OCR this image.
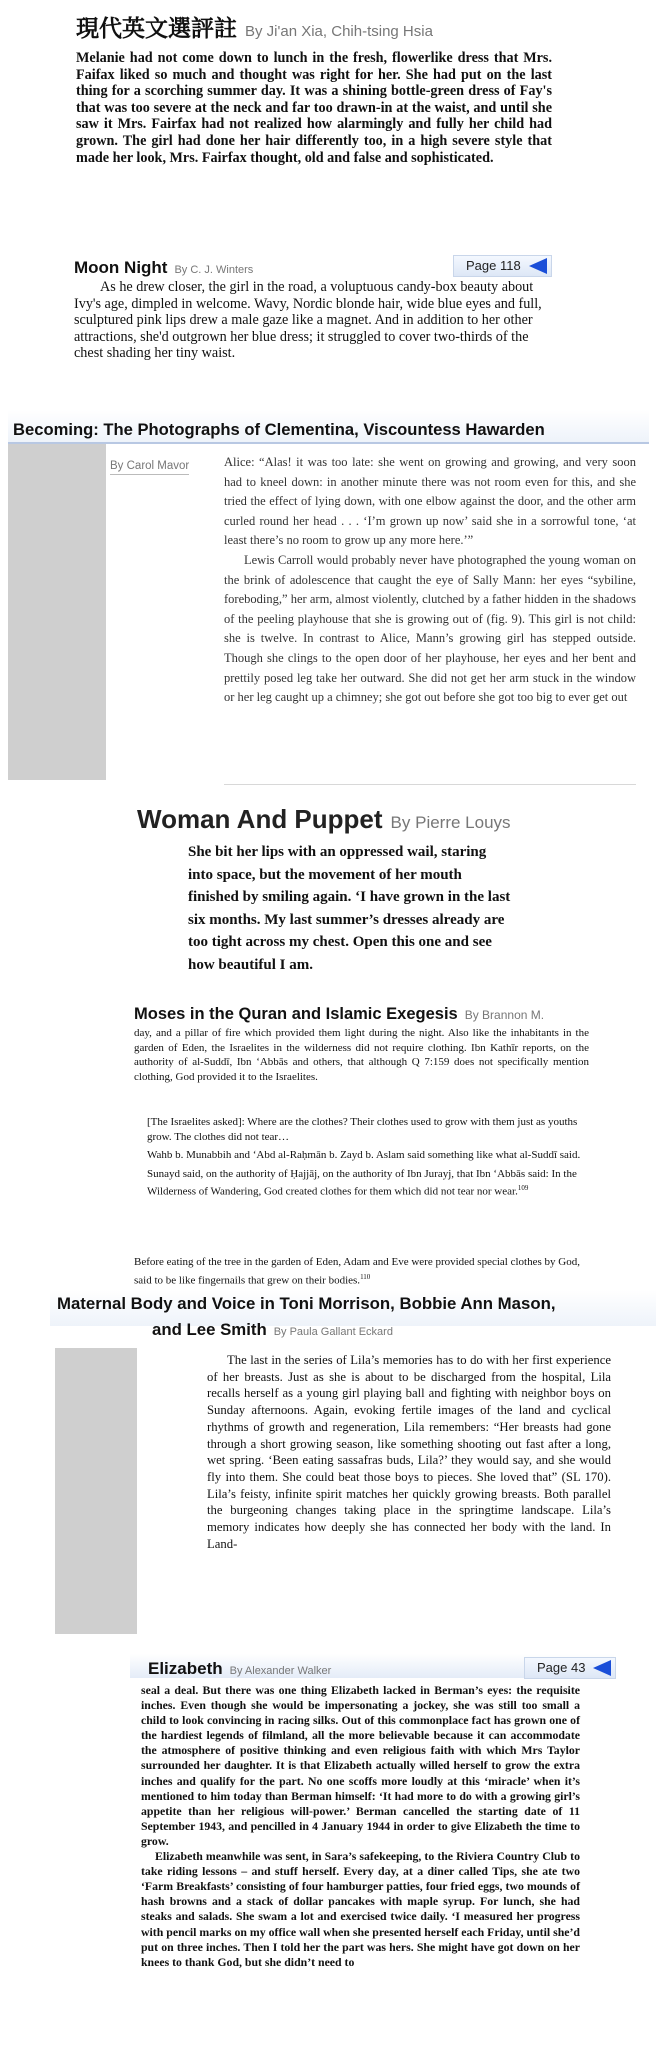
現代英文選評註 By Ji'an Xia, Chih-tsing Hsia

Melanie had not come down to lunch in the fresh, flowerlike dress that Mrs. Faifax liked so much and thought was right for her. She had put on the last thing for a scorching summer day. It was a shining bottle-green dress of Fay's that was too severe at the neck and far too drawn-in at the waist, and until she saw it Mrs. Fairfax had not realized how alarmingly and fully her child had grown. The girl had done her hair differently too, in a high severe style that made her look, Mrs. Fairfax thought, old and false and sophisticated.

Moon Night By C. J. Winters	Page 118

As he drew closer, the girl in the road, a voluptuous candy-box beauty about Ivy's age, dimpled in welcome. Wavy, Nordic blonde hair, wide blue eyes and full, sculptured pink lips drew a male gaze like a magnet. And in addition to her other attractions, she'd outgrown her blue dress; it struggled to cover two-thirds of the chest shading her tiny waist.

Becoming: The Photographs of Clementina, Viscountess Hawarden
By Carol Mavor	Alice: “Alas! it was too late: she went on growing and growing, and very soon had to kneel down: in another minute there was not room even for this, and she tried the effect of lying down, with one elbow against the door, and the other arm curled round her head . . . ‘I’m grown up now’ said she in a sorrowful tone, ‘at least there’s no room to grow up any more here.’”

Lewis Carroll would probably never have photographed the young woman on the brink of adolescence that caught the eye of Sally Mann: her eyes “sybiline, foreboding,” her arm, almost violently, clutched by a father hidden in the shadows of the peeling playhouse that she is growing out of (fig. 9). This girl is not child: she is twelve. In contrast to Alice, Mann’s growing girl has stepped outside. Though she clings to the open door of her playhouse, her eyes and her bent and prettily posed leg take her outward. She did not get her arm stuck in the window or her leg caught up a chimney; she got out before she got too big to ever get out

Woman And Puppet By Pierre Louys

She bit her lips with an oppressed wail, staring into space, but the movement of her mouth finished by smiling again. ‘I have grown in the last six months. My last summer’s dresses already are too tight across my chest. Open this one and see how beautiful I am.

Moses in the Quran and Islamic Exegesis By Brannon M.

day, and a pillar of fire which provided them light during the night. Also like the inhabitants in the garden of Eden, the Israelites in the wilderness did not require clothing. Ibn Kathīr reports, on the authority of al-Suddī, Ibn ‘Abbās and others, that although Q 7:159 does not specifically mention clothing, God provided it to the Israelites.

[The Israelites asked]: Where are the clothes? Their clothes used to grow with them just as youths grow. The clothes did not tear…

Wahb b. Munabbih and ‘Abd al-Raḥmān b. Zayd b. Aslam said something like what al-Suddī said.

Sunayd said, on the authority of Ḥajjāj, on the authority of Ibn Jurayj, that Ibn ‘Abbās said: In the Wilderness of Wandering, God created clothes for them which did not tear nor wear.$^{109}$

Before eating of the tree in the garden of Eden, Adam and Eve were provided special clothes by God, said to be like fingernails that grew on their bodies.$^{110}$

Maternal Body and Voice in Toni Morrison, Bobbie Ann Mason,
and Lee Smith By Paula Gallant Eckard

The last in the series of Lila’s memories has to do with her first experience of her breasts. Just as she is about to be discharged from the hospital, Lila recalls herself as a young girl playing ball and fighting with neighbor boys on Sunday afternoons. Again, evoking fertile images of the land and cyclical rhythms of growth and regeneration, Lila remembers: “Her breasts had gone through a short growing season, like something shooting out fast after a long, wet spring. ‘Been eating sassafras buds, Lila?’ they would say, and she would fly into them. She could beat those boys to pieces. She loved that” (SL 170). Lila’s feisty, infinite spirit matches her quickly growing breasts. Both parallel the burgeoning changes taking place in the springtime landscape. Lila’s memory indicates how deeply she has connected her body with the land. In Land-

Elizabeth By Alexander Walker	Page 43

seal a deal. But there was one thing Elizabeth lacked in Berman’s eyes: the requisite inches. Even though she would be impersonating a jockey, she was still too small a child to look convincing in racing silks. Out of this commonplace fact has grown one of the hardiest legends of filmland, all the more believable because it can accommodate the atmosphere of positive thinking and even religious faith with which Mrs Taylor surrounded her daughter. It is that Elizabeth actually willed herself to grow the extra inches and qualify for the part. No one scoffs more loudly at this ‘miracle’ when it’s mentioned to him today than Berman himself: ‘It had more to do with a growing girl’s appetite than her religious will-power.’ Berman cancelled the starting date of 11 September 1943, and pencilled in 4 January 1944 in order to give Elizabeth the time to grow.

Elizabeth meanwhile was sent, in Sara’s safekeeping, to the Riviera Country Club to take riding lessons – and stuff herself. Every day, at a diner called Tips, she ate two ‘Farm Breakfasts’ consisting of four hamburger patties, four fried eggs, two mounds of hash browns and a stack of dollar pancakes with maple syrup. For lunch, she had steaks and salads. She swam a lot and exercised twice daily. ‘I measured her progress with pencil marks on my office wall when she presented herself each Friday, until she’d put on three inches. Then I told her the part was hers. She might have got down on her knees to thank God, but she didn’t need to
